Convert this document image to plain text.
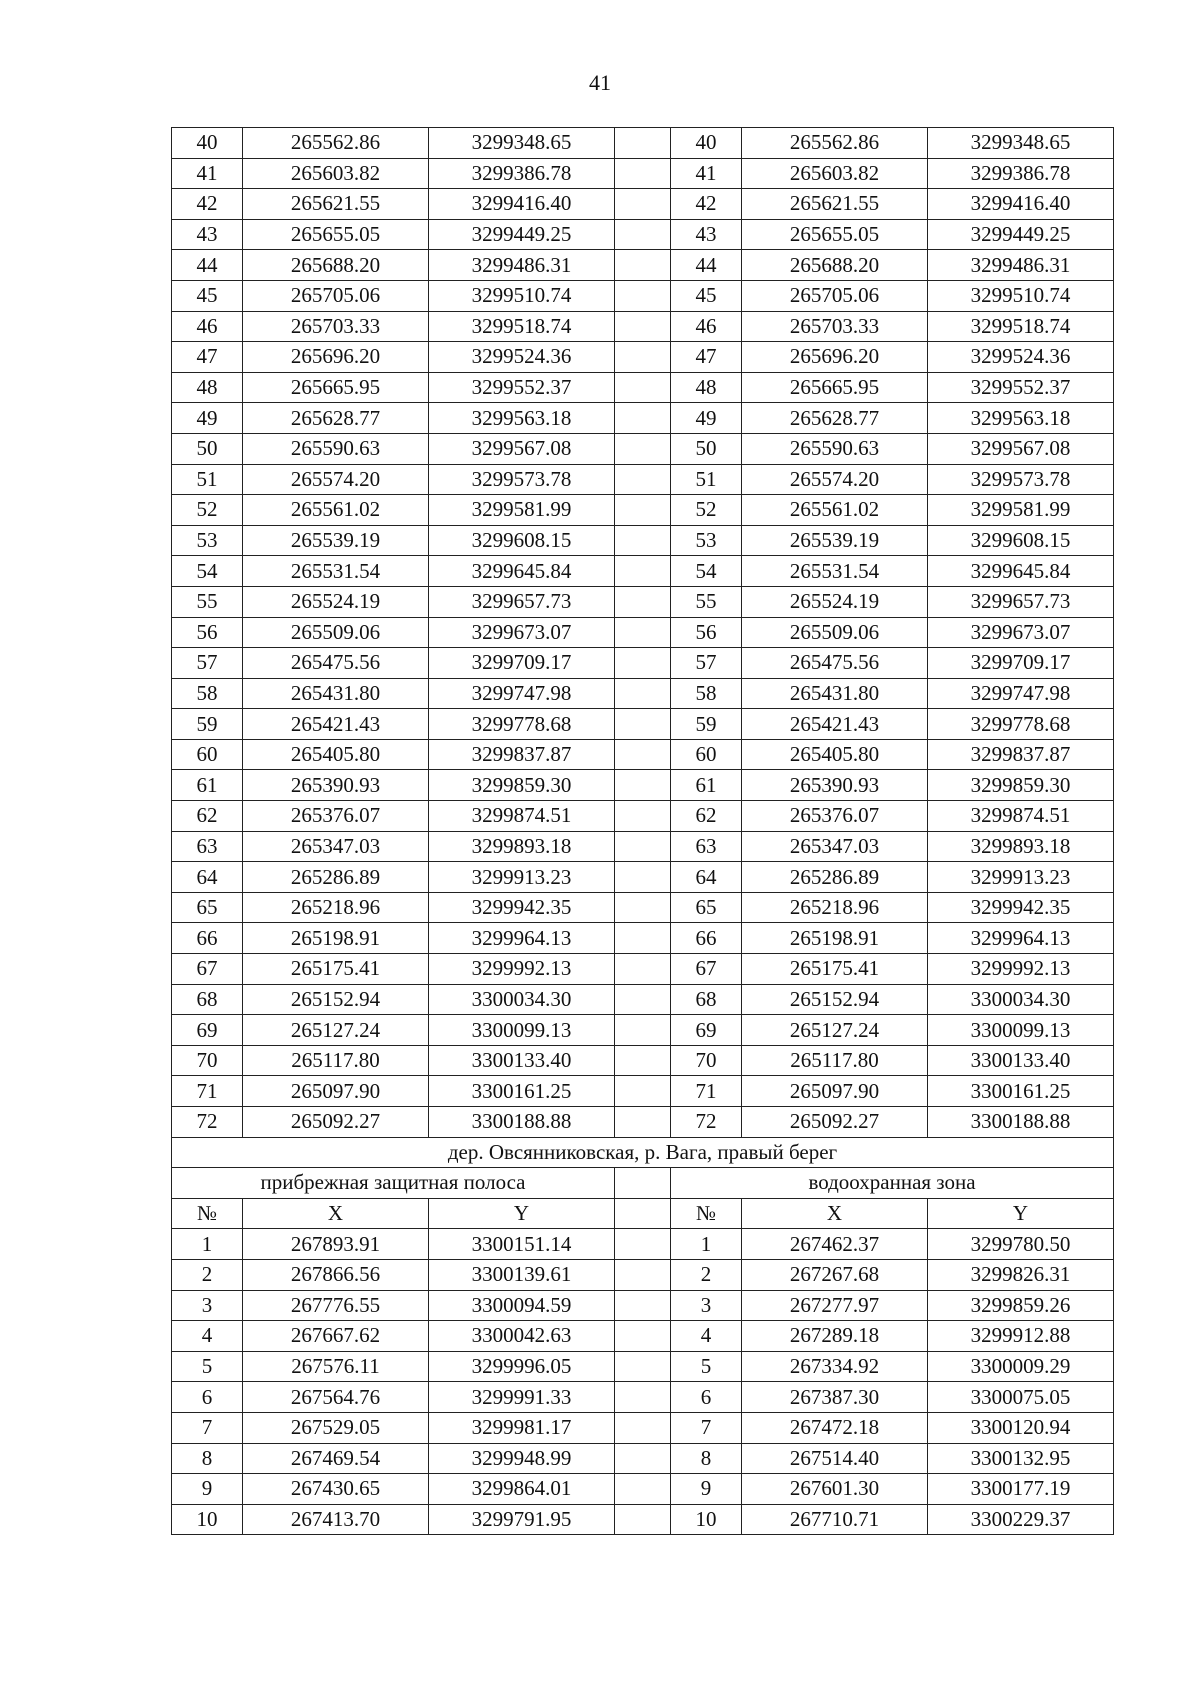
41
40	265562.86	3299348.65		40	265562.86	3299348.65
41	265603.82	3299386.78		41	265603.82	3299386.78
42	265621.55	3299416.40		42	265621.55	3299416.40
43	265655.05	3299449.25		43	265655.05	3299449.25
44	265688.20	3299486.31		44	265688.20	3299486.31
45	265705.06	3299510.74		45	265705.06	3299510.74
46	265703.33	3299518.74		46	265703.33	3299518.74
47	265696.20	3299524.36		47	265696.20	3299524.36
48	265665.95	3299552.37		48	265665.95	3299552.37
49	265628.77	3299563.18		49	265628.77	3299563.18
50	265590.63	3299567.08		50	265590.63	3299567.08
51	265574.20	3299573.78		51	265574.20	3299573.78
52	265561.02	3299581.99		52	265561.02	3299581.99
53	265539.19	3299608.15		53	265539.19	3299608.15
54	265531.54	3299645.84		54	265531.54	3299645.84
55	265524.19	3299657.73		55	265524.19	3299657.73
56	265509.06	3299673.07		56	265509.06	3299673.07
57	265475.56	3299709.17		57	265475.56	3299709.17
58	265431.80	3299747.98		58	265431.80	3299747.98
59	265421.43	3299778.68		59	265421.43	3299778.68
60	265405.80	3299837.87		60	265405.80	3299837.87
61	265390.93	3299859.30		61	265390.93	3299859.30
62	265376.07	3299874.51		62	265376.07	3299874.51
63	265347.03	3299893.18		63	265347.03	3299893.18
64	265286.89	3299913.23		64	265286.89	3299913.23
65	265218.96	3299942.35		65	265218.96	3299942.35
66	265198.91	3299964.13		66	265198.91	3299964.13
67	265175.41	3299992.13		67	265175.41	3299992.13
68	265152.94	3300034.30		68	265152.94	3300034.30
69	265127.24	3300099.13		69	265127.24	3300099.13
70	265117.80	3300133.40		70	265117.80	3300133.40
71	265097.90	3300161.25		71	265097.90	3300161.25
72	265092.27	3300188.88		72	265092.27	3300188.88
дер. Овсянниковская, р. Вага, правый берег						
прибрежная защитная полоса				водоохранная зона		
№	X	Y		№	X	Y
1	267893.91	3300151.14		1	267462.37	3299780.50
2	267866.56	3300139.61		2	267267.68	3299826.31
3	267776.55	3300094.59		3	267277.97	3299859.26
4	267667.62	3300042.63		4	267289.18	3299912.88
5	267576.11	3299996.05		5	267334.92	3300009.29
6	267564.76	3299991.33		6	267387.30	3300075.05
7	267529.05	3299981.17		7	267472.18	3300120.94
8	267469.54	3299948.99		8	267514.40	3300132.95
9	267430.65	3299864.01		9	267601.30	3300177.19
10	267413.70	3299791.95		10	267710.71	3300229.37
